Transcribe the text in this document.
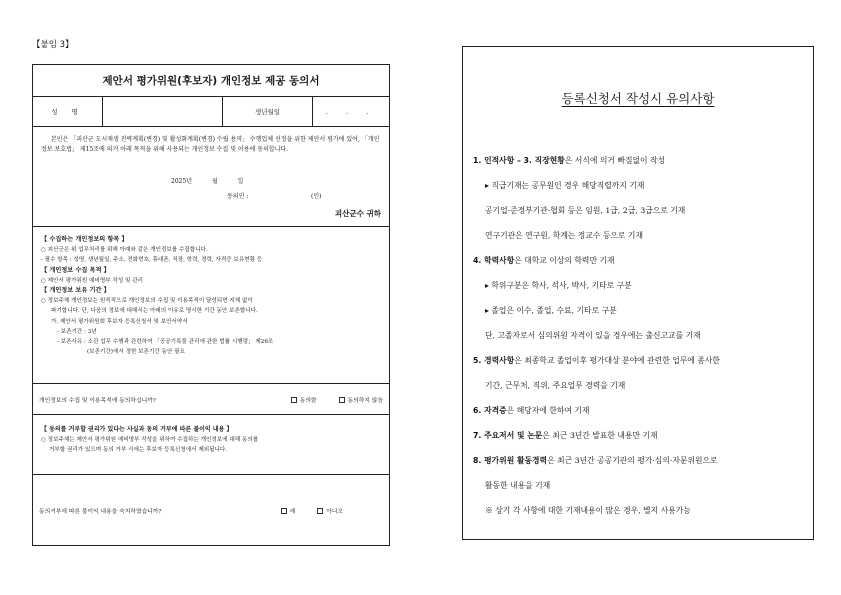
【붙임 3】
제안서 평가위원(후보자) 개인정보 제공 동의서
성 명	생년월일	. . .
본인은 「괴산군 도시재생 전략계획(변경) 및 활성화계획(변경) 수립 용역」 수행업체 선정을 위한 제안서 평가에 있어, 「개인정보 보호법」 제15조에 의거 아래 목적을 위해 사용되는 개인정보 수집 및 이용에 동의합니다.
2025년 월 일
동의인 :	(인)
괴산군수 귀하
【 수집하는 개인정보의 항목 】
○ 괴산군은 위 업무처리를 위해 아래와 같은 개인정보를 수집합니다.
- 필수 항목 : 성명, 생년월일, 주소, 전화번호, 휴대폰, 직장, 학력, 경력, 자격증 보유현황 등
【 개인정보 수집 목적 】
○ 제안서 평가위원 예비명부 작성 및 관리
【 개인정보 보유 기간 】
○ 정보주체 개인정보는 원칙적으로 개인정보의 수집 및 이용목적이 달성되면 지체 없이
파기합니다. 단, 다음의 정보에 대해서는 아래의 이유로 명시한 기간 동안 보존합니다.
가. 제안서 평가위원회 후보자 등록신청서 및 보안서약서
- 보존기간 : 3년
- 보존사유 : 소관 업무 수행과 관련하여 「공공기록물 관리에 관한 법률 시행령」 제26조
(보존기간)에서 정한 보존기간 동안 필요
개인정보의 수집 및 이용목적에 동의하십니까?	동의함	동의하지 않음
【 동의를 거부할 권리가 있다는 사실과 동의 거부에 따른 불이익 내용 】
○ 정보주체는 제안서 평가위원 예비명부 작성을 위하여 수집하는 개인정보에 대해 동의를
거부할 권리가 있으며 동의 거부 시에는 후보자 등록신청에서 제외됩니다.
동의거부에 따른 불이익 내용을 숙지하였습니까?	예	아니오
등록신청서 작성시 유의사항
1. 인적사항 – 3. 직장현황은 서식에 의거 빠짐없이 작성
▸ 직급기재는 공무원인 경우 해당직렬까지 기재
공기업·준정부기관·협회 등은 임원, 1급, 2급, 3급으로 기재
연구기관은 연구원, 학계는 정교수 등으로 기재
4. 학력사항은 대학교 이상의 학력만 기재
▸ 학위구분은 학사, 석사, 박사, 기타로 구분
▸ 졸업은 이수, 졸업, 수료, 기타로 구분
단, 고졸자로서 심의위원 자격이 있을 경우에는 출신고교를 기재
5. 경력사항은 최종학교 졸업이후 평가대상 분야에 관련한 업무에 종사한
기간, 근무처, 직위, 주요업무 경력을 기재
6. 자격증은 해당자에 한하여 기재
7. 주요저서 및 논문은 최근 3년간 발표한 내용만 기재
8. 평가위원 활동경력은 최근 3년간 공공기관의 평가·심의·자문위원으로
활동한 내용을 기재
※ 상기 각 사항에 대한 기재내용이 많은 경우, 별지 사용가능
